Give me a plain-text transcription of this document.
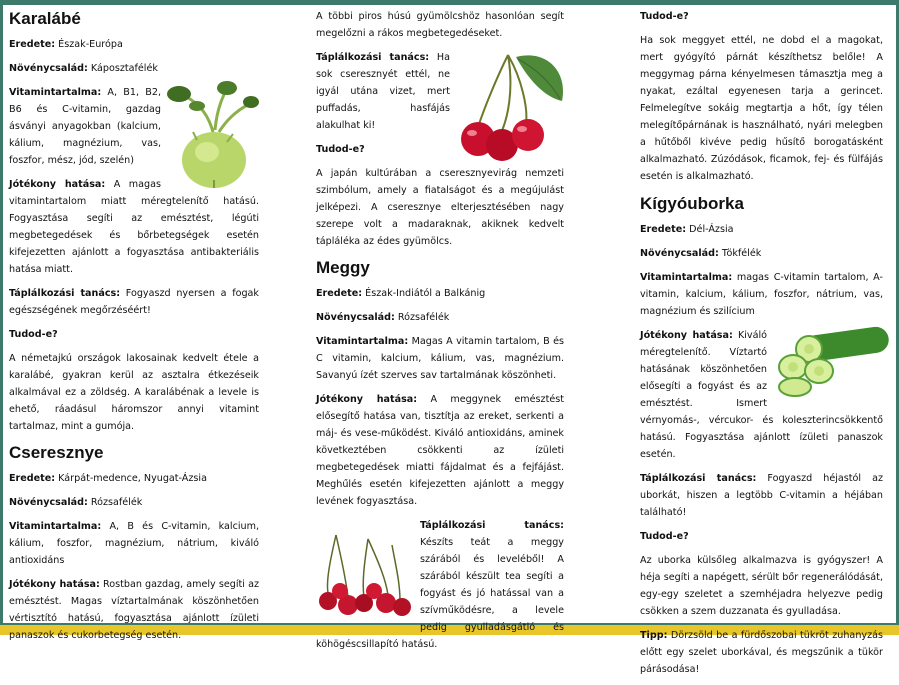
Karalábé

Eredete: Észak-Európa

Növénycsalád: Káposztafélék

Vitamintartalma: A, B1, B2, B6 és C-vitamin, gazdag ásványi anyagokban (kalcium, kálium, magnézium, vas, foszfor, mész, jód, szelén)

Jótékony hatása: A magas vitamintartalom miatt méregtelenítő hatású. Fogyasztása segíti az emésztést, légúti megbetegedések és bőrbetegségek esetén kifejezetten ajánlott a fogyasztása antibakteriális hatása miatt.

Táplálkozási tanács: Fogyaszd nyersen a fogak egészségének megőrzéséért!

Tudod-e?

A németajkú országok lakosainak kedvelt étele a karalábé, gyakran kerül az asztalra étkezéseik alkalmával ez a zöldség. A karalábénak a levele is ehető, ráadásul háromszor annyi vitamint tartalmaz, mint a gumója.

Cseresznye

Eredete: Kárpát-medence, Nyugat-Ázsia

Növénycsalád: Rózsafélék

Vitamintartalma: A, B és C-vitamin, kalcium, kálium, foszfor, magnézium, nátrium, kiváló antioxidáns

Jótékony hatása: Rostban gazdag, amely segíti az emésztést. Magas víztartalmának köszönhetően vértisztító hatású, fogyasztása ajánlott ízületi panaszok és cukorbetegség esetén.

A többi piros húsú gyümölcshöz hasonlóan segít megelőzni a rákos megbetegedéseket.

Táplálkozási tanács: Ha sok cseresznyét ettél, ne igyál utána vizet, mert puffadás, hasfájás alakulhat ki!

Tudod-e?

A japán kultúrában a cseresznyevirág nemzeti szimbólum, amely a fiatalságot és a megújulást jelképezi. A cseresznye elterjesztésében nagy szerepe volt a madaraknak, akiknek kedvelt tápláléka az édes gyümölcs.

Meggy

Eredete: Észak-Indiától a Balkánig

Növénycsalád: Rózsafélék

Vitamintartalma: Magas A vitamin tartalom, B és C vitamin, kalcium, kálium, vas, magnézium. Savanyú ízét szerves sav tartalmának köszönheti.

Jótékony hatása: A meggynek emésztést elősegítő hatása van, tisztítja az ereket, serkenti a máj- és vese-működést. Kiváló antioxidáns, aminek következtében csökkenti az ízületi megbetegedések miatti fájdalmat és a fejfájást. Meghűlés esetén kifejezetten ajánlott a meggy levének fogyasztása.

Táplálkozási tanács: Készíts teát a meggy szárából és leveléből! A szárából készült tea segíti a fogyást és jó hatással van a szívműködésre, a levele pedig gyulladásgátló és köhögéscsillapító hatású.

Tudod-e?

Ha sok meggyet ettél, ne dobd el a magokat, mert gyógyító párnát készíthetsz belőle! A meggymag párna kényelmesen támasztja meg a nyakat, ezáltal egyenesen tarja a gerincet. Felmelegítve sokáig megtartja a hőt, így télen melegítőpárnának is használható, nyári melegben a hűtőből kivéve pedig hűsítő borogatásként alkalmazható. Zúzódások, ficamok, fej- és fülfájás esetén is alkalmazható.

Kígyóuborka

Eredete: Dél-Ázsia

Növénycsalád: Tökfélék

Vitamintartalma: magas C-vitamin tartalom, A-vitamin, kalcium, kálium, foszfor, nátrium, vas, magnézium és szilícium

Jótékony hatása: Kiváló méregtelenítő. Víztartó hatásának köszönhetően elősegíti a fogyást és az emésztést. Ismert vérnyomás-, vércukor- és koleszterincsökkentő hatású. Fogyasztása ajánlott ízületi panaszok esetén.

Táplálkozási tanács: Fogyaszd héjastól az uborkát, hiszen a legtöbb C-vitamin a héjában található!

Tudod-e?

Az uborka külsőleg alkalmazva is gyógyszer! A héja segíti a napégett, sérült bőr regenerálódását, egy-egy szeletet a szemhéjadra helyezve pedig csökken a szem duzzanata és gyulladása.

Tipp: Dörzsöld be a fürdőszobai tükröt zuhanyzás előtt egy szelet uborkával, és megszűnik a tükör párásodása!
